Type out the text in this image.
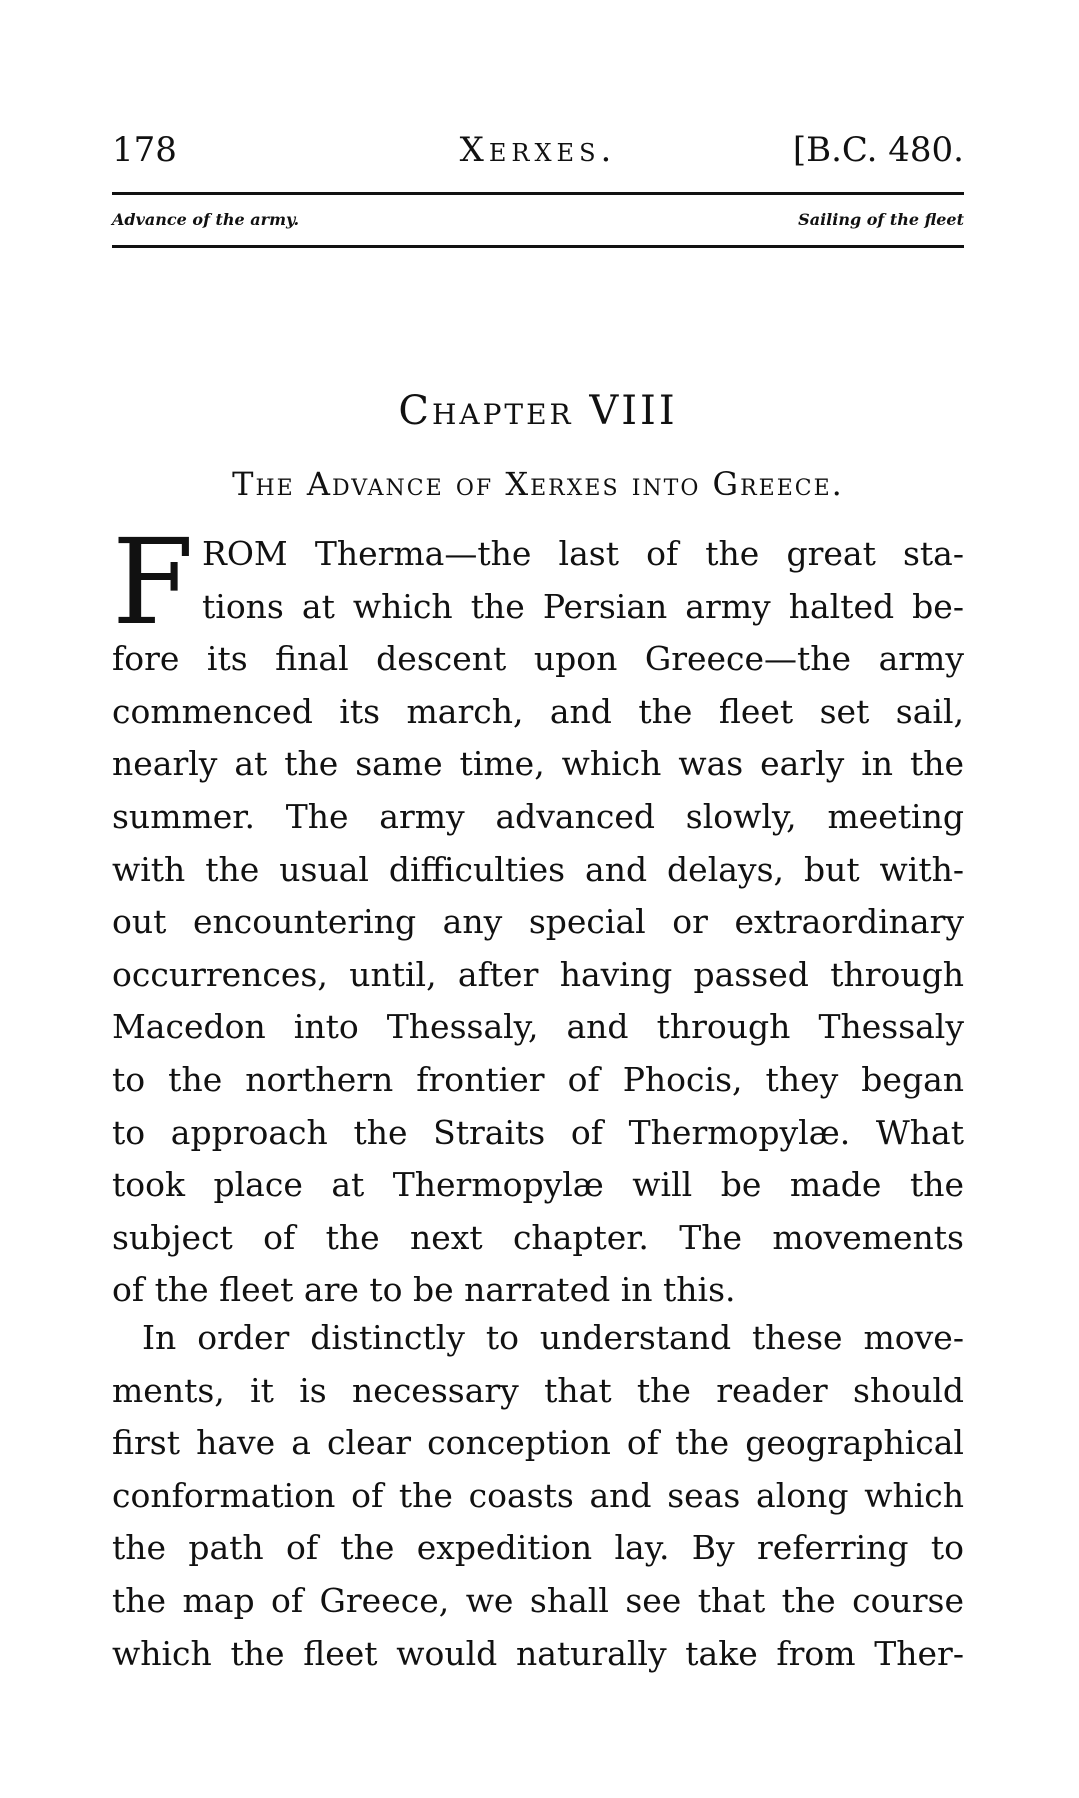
178	Xerxes.	[B.C. 480.
Advance of the army.	Sailing of the fleet
Chapter VIII
The Advance of Xerxes into Greece.
F ROM Therma—the last of the great sta-
tions at which the Persian army halted be-
fore its final descent upon Greece—the army
commenced its march, and the fleet set sail,
nearly at the same time, which was early in the
summer. The army advanced slowly, meeting
with the usual difficulties and delays, but with-
out encountering any special or extraordinary
occurrences, until, after having passed through
Macedon into Thessaly, and through Thessaly
to the northern frontier of Phocis, they began
to approach the Straits of Thermopylæ. What
took place at Thermopylæ will be made the
subject of the next chapter. The movements
of the fleet are to be narrated in this.
In order distinctly to understand these move-
ments, it is necessary that the reader should
first have a clear conception of the geographical
conformation of the coasts and seas along which
the path of the expedition lay. By referring to
the map of Greece, we shall see that the course
which the fleet would naturally take from Ther-
